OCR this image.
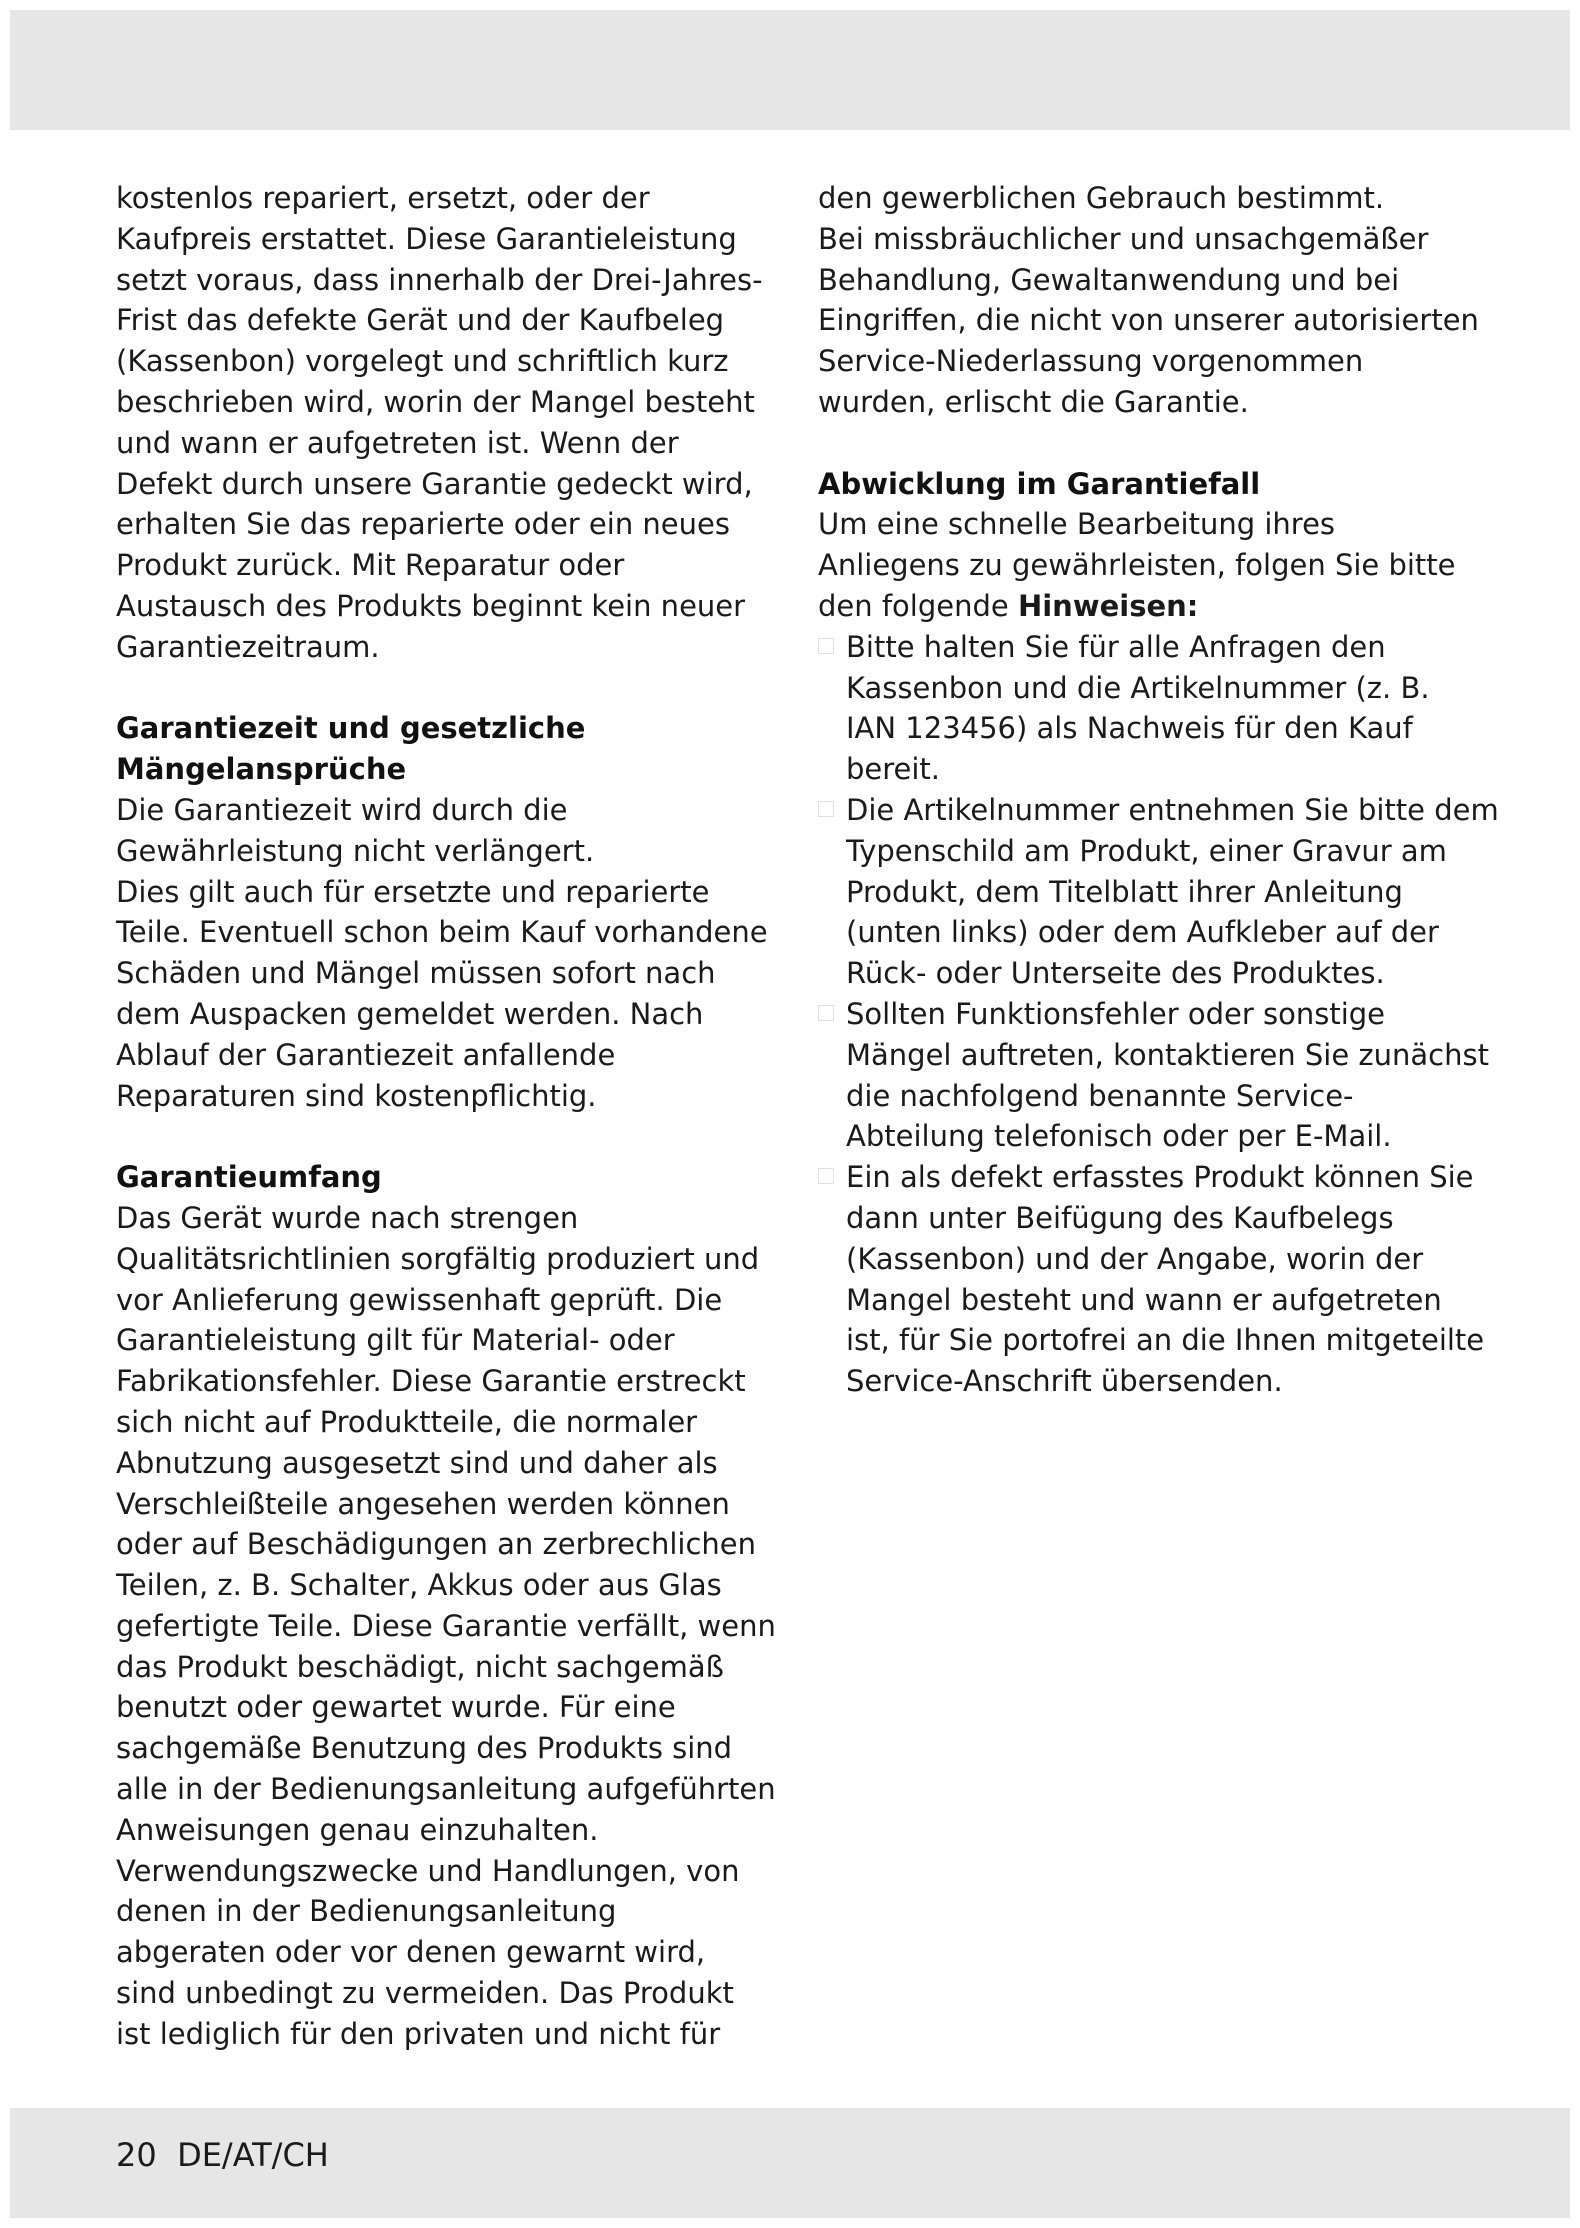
kostenlos repariert, ersetzt, oder der
Kaufpreis erstattet. Diese Garantieleistung
setzt voraus, dass innerhalb der Drei-Jahres-
Frist das defekte Gerät und der Kaufbeleg
(Kassenbon) vorgelegt und schriftlich kurz
beschrieben wird, worin der Mangel besteht
und wann er aufgetreten ist. Wenn der
Defekt durch unsere Garantie gedeckt wird,
erhalten Sie das reparierte oder ein neues
Produkt zurück. Mit Reparatur oder
Austausch des Produkts beginnt kein neuer
Garantiezeitraum.

Garantiezeit und gesetzliche
Mängelansprüche

Die Garantiezeit wird durch die
Gewährleistung nicht verlängert.
Dies gilt auch für ersetzte und reparierte
Teile. Eventuell schon beim Kauf vorhandene
Schäden und Mängel müssen sofort nach
dem Auspacken gemeldet werden. Nach
Ablauf der Garantiezeit anfallende
Reparaturen sind kostenpflichtig.

Garantieumfang

Das Gerät wurde nach strengen
Qualitätsrichtlinien sorgfältig produziert und
vor Anlieferung gewissenhaft geprüft. Die
Garantieleistung gilt für Material- oder
Fabrikationsfehler. Diese Garantie erstreckt
sich nicht auf Produktteile, die normaler
Abnutzung ausgesetzt sind und daher als
Verschleißteile angesehen werden können
oder auf Beschädigungen an zerbrechlichen
Teilen, z. B. Schalter, Akkus oder aus Glas
gefertigte Teile. Diese Garantie verfällt, wenn
das Produkt beschädigt, nicht sachgemäß
benutzt oder gewartet wurde. Für eine
sachgemäße Benutzung des Produkts sind
alle in der Bedienungsanleitung aufgeführten
Anweisungen genau einzuhalten.
Verwendungszwecke und Handlungen, von
denen in der Bedienungsanleitung
abgeraten oder vor denen gewarnt wird,
sind unbedingt zu vermeiden. Das Produkt
ist lediglich für den privaten und nicht für

den gewerblichen Gebrauch bestimmt.
Bei missbräuchlicher und unsachgemäßer
Behandlung, Gewaltanwendung und bei
Eingriffen, die nicht von unserer autorisierten
Service-Niederlassung vorgenommen
wurden, erlischt die Garantie.

Abwicklung im Garantiefall

Um eine schnelle Bearbeitung ihres
Anliegens zu gewährleisten, folgen Sie bitte
den folgende Hinweisen:

Bitte halten Sie für alle Anfragen den
Kassenbon und die Artikelnummer (z. B.
IAN 123456) als Nachweis für den Kauf
bereit.
Die Artikelnummer entnehmen Sie bitte dem
Typenschild am Produkt, einer Gravur am
Produkt, dem Titelblatt ihrer Anleitung
(unten links) oder dem Aufkleber auf der
Rück- oder Unterseite des Produktes.
Sollten Funktionsfehler oder sonstige
Mängel auftreten, kontaktieren Sie zunächst
die nachfolgend benannte Service-
Abteilung telefonisch oder per E-Mail.
Ein als defekt erfasstes Produkt können Sie
dann unter Beifügung des Kaufbelegs
(Kassenbon) und der Angabe, worin der
Mangel besteht und wann er aufgetreten
ist, für Sie portofrei an die Ihnen mitgeteilte
Service-Anschrift übersenden.
20 DE/AT/CH
